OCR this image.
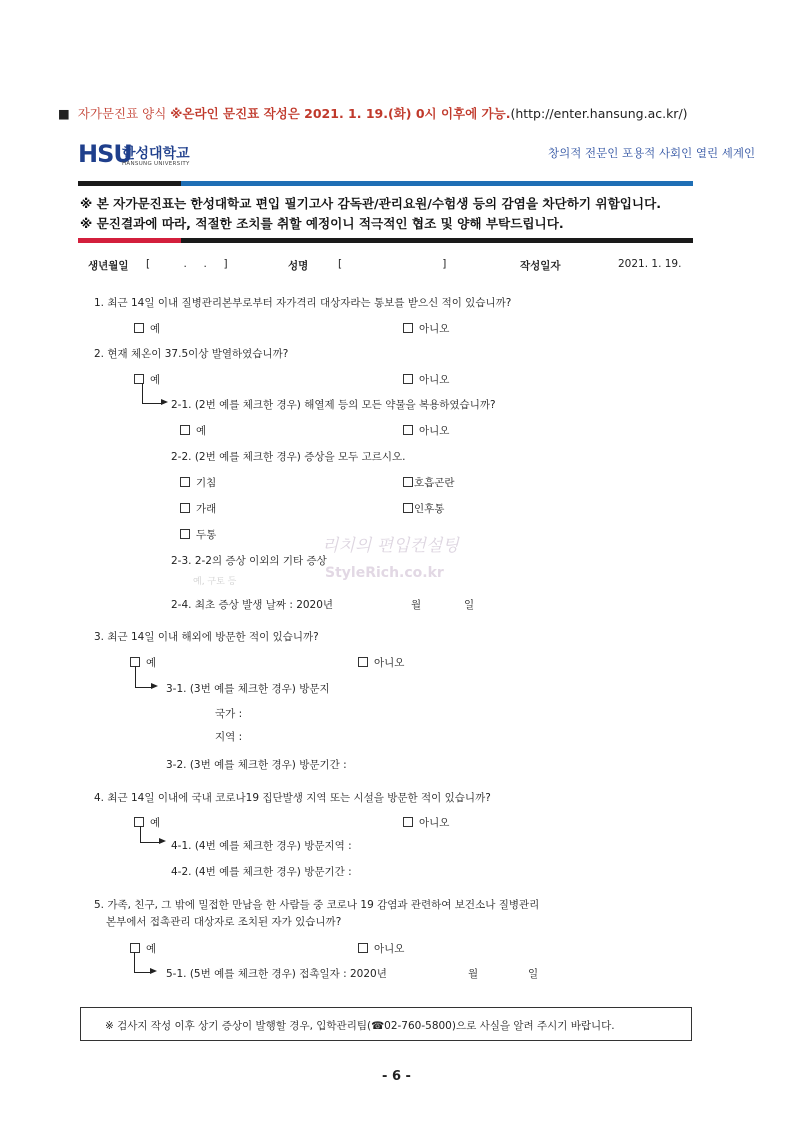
■ 자가문진표 양식 ※온라인 문진표 작성은 2021. 1. 19.(화) 0시 이후에 가능.(http://enter.hansung.ac.kr/)
HSU
한성대학교
HANSUNG UNIVERSITY
창의적 전문인 포용적 사회인 열린 세계인
※ 본 자가문진표는 한성대학교 편입 필기고사 감독관/관리요원/수험생 등의 감염을 차단하기 위함입니다.
※ 문진결과에 따라, 적절한 조치를 취할 예정이니 적극적인 협조 및 양해 부탁드립니다.
생년월일 [          .     .     ]	성명	[                              ]	작성일자	2021. 1. 19.
1. 최근 14일 이내 질병관리본부로부터 자가격리 대상자라는 통보를 받으신 적이 있습니까?
예	아니오
2. 현재 체온이 37.5이상 발열하였습니까?
예	아니오
2-1. (2번 예를 체크한 경우) 해열제 등의 모든 약물을 복용하였습니까?
예	아니오
2-2. (2번 예를 체크한 경우) 증상을 모두 고르시오.
기침	호흡곤란
가래	인후통
두통
리치의 편입컨설팅
StyleRich.co.kr
2-3. 2-2의 증상 이외의 기타 증상
예, 구토 등
2-4. 최초 증상 발생 날짜 : 2020년	월	일
3. 최근 14일 이내 해외에 방문한 적이 있습니까?
예	아니오
3-1. (3번 예를 체크한 경우) 방문지
국가 :
지역 :
3-2. (3번 예를 체크한 경우) 방문기간 :
4. 최근 14일 이내에 국내 코로나19 집단발생 지역 또는 시설을 방문한 적이 있습니까?
예	아니오
4-1. (4번 예를 체크한 경우) 방문지역 :
4-2. (4번 예를 체크한 경우) 방문기간 :
5. 가족, 친구, 그 밖에 밀접한 만남을 한 사람들 중 코로나 19 감염과 관련하여 보건소나 질병관리
본부에서 접촉관리 대상자로 조치된 자가 있습니까?
예	아니오
5-1. (5번 예를 체크한 경우) 접촉일자 : 2020년	월	일
※ 검사지 작성 이후 상기 증상이 발행할 경우, 입학관리팀(☎02-760-5800)으로 사실을 알려 주시기 바랍니다.
- 6 -
